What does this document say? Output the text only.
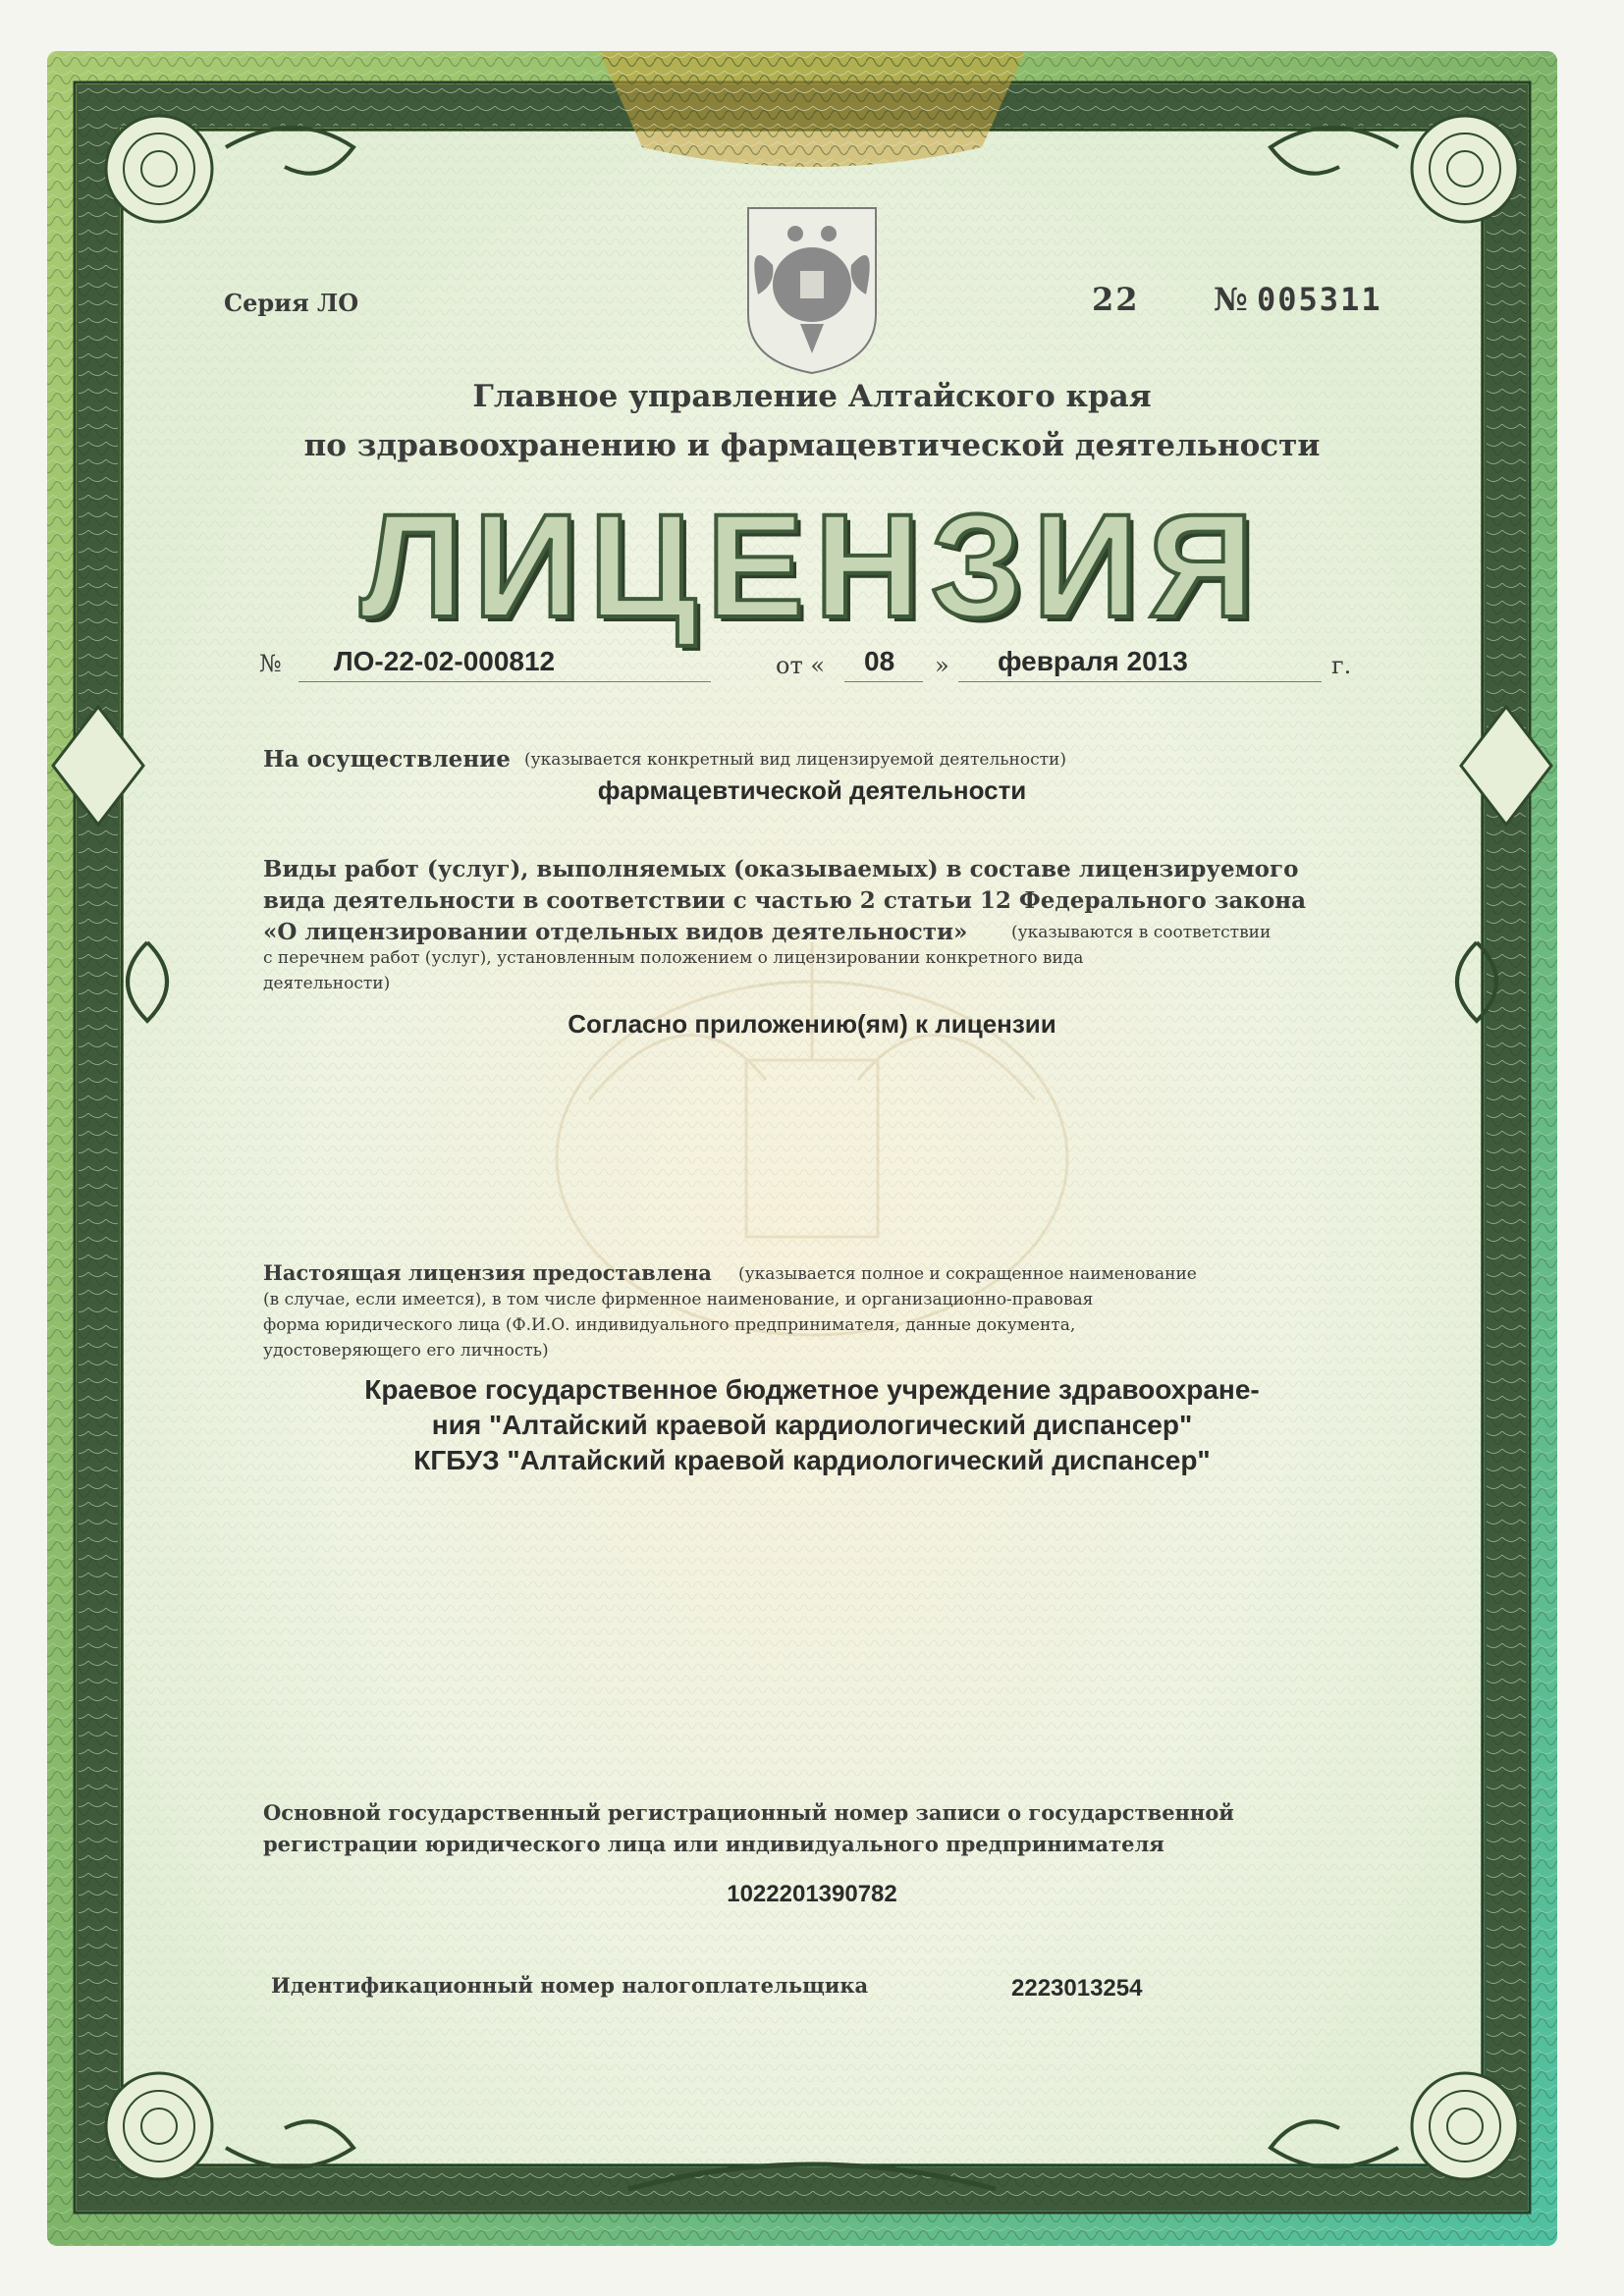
Серия ЛО	22 № 005311
Главное управление Алтайского края
по здравоохранению и фармацевтической деятельности
ЛИЦЕНЗИЯ
№ ЛО-22-02-000812	от « 08 » февраля 2013	г.
На осуществление (указывается конкретный вид лицензируемой деятельности)
фармацевтической деятельности
Виды работ (услуг), выполняемых (оказываемых) в составе лицензируемого
вида деятельности в соответствии с частью 2 статьи 12 Федерального закона
«О лицензировании отдельных видов деятельности»	(указываются в соответствии
с перечнем работ (услуг), установленным положением о лицензировании конкретного вида
деятельности)
Согласно приложению(ям) к лицензии
Настоящая лицензия предоставлена (указывается полное и сокращенное наименование
(в случае, если имеется), в том числе фирменное наименование, и организационно-правовая
форма юридического лица (Ф.И.О. индивидуального предпринимателя, данные документа,
удостоверяющего его личность)
Краевое государственное бюджетное учреждение здравоохране-
ния "Алтайский краевой кардиологический диспансер"
КГБУЗ "Алтайский краевой кардиологический диспансер"
Основной государственный регистрационный номер записи о государственной
регистрации юридического лица или индивидуального предпринимателя
1022201390782
Идентификационный номер налогоплательщика	2223013254
